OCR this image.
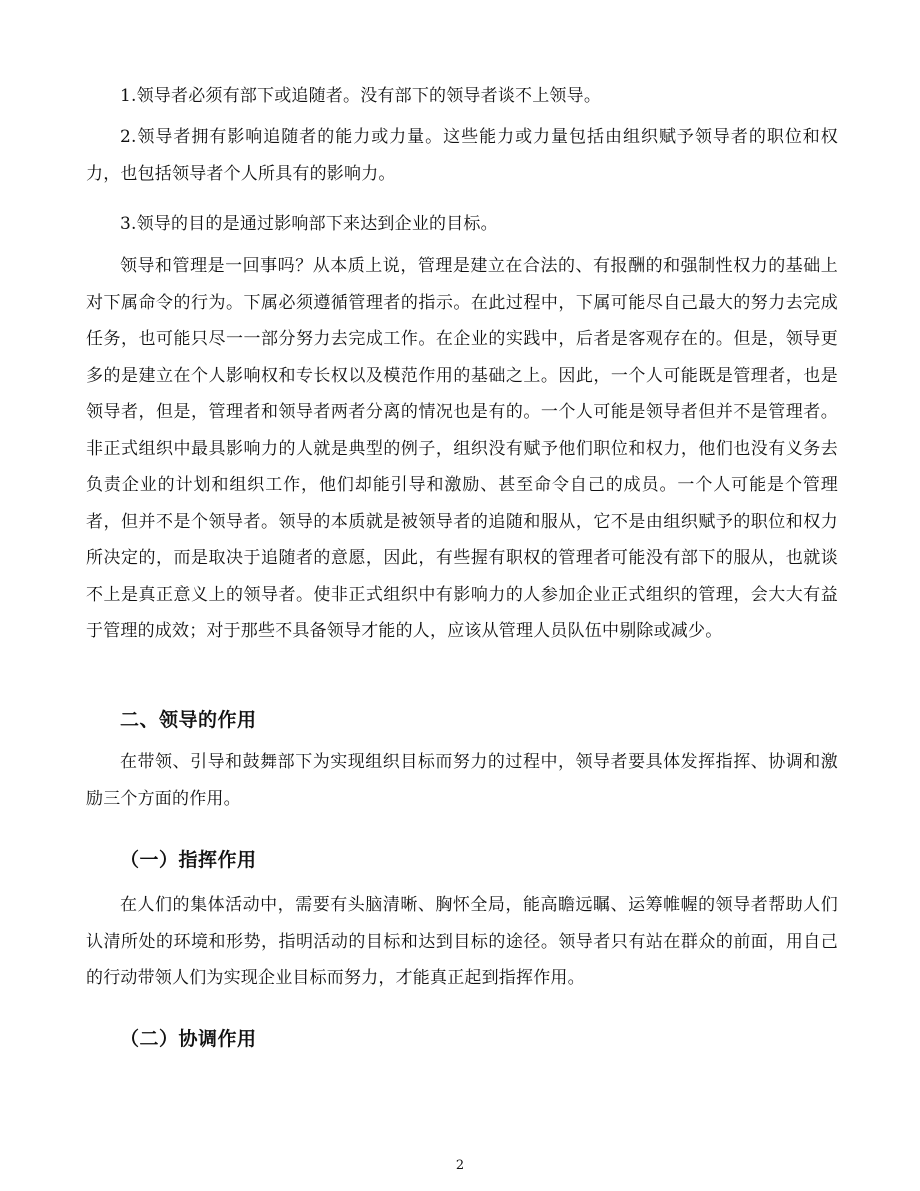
1.领导者必须有部下或追随者。没有部下的领导者谈不上领导。

2.领导者拥有影响追随者的能力或力量。这些能力或力量包括由组织赋予领导者的职位和权力，也包括领导者个人所具有的影响力。

3.领导的目的是通过影响部下来达到企业的目标。

领导和管理是一回事吗？从本质上说，管理是建立在合法的、有报酬的和强制性权力的基础上对下属命令的行为。下属必须遵循管理者的指示。在此过程中，下属可能尽自己最大的努力去完成任务，也可能只尽一一部分努力去完成工作。在企业的实践中，后者是客观存在的。但是，领导更多的是建立在个人影响权和专长权以及模范作用的基础之上。因此，一个人可能既是管理者，也是领导者，但是，管理者和领导者两者分离的情况也是有的。一个人可能是领导者但并不是管理者。非正式组织中最具影响力的人就是典型的例子，组织没有赋予他们职位和权力，他们也没有义务去负责企业的计划和组织工作，他们却能引导和激励、甚至命令自己的成员。一个人可能是个管理者，但并不是个领导者。领导的本质就是被领导者的追随和服从，它不是由组织赋予的职位和权力所决定的，而是取决于追随者的意愿，因此，有些握有职权的管理者可能没有部下的服从，也就谈不上是真正意义上的领导者。使非正式组织中有影响力的人参加企业正式组织的管理，会大大有益于管理的成效；对于那些不具备领导才能的人，应该从管理人员队伍中剔除或减少。

二、领导的作用

在带领、引导和鼓舞部下为实现组织目标而努力的过程中，领导者要具体发挥指挥、协调和激励三个方面的作用。

（一）指挥作用

在人们的集体活动中，需要有头脑清晰、胸怀全局，能高瞻远瞩、运筹帷幄的领导者帮助人们认清所处的环境和形势，指明活动的目标和达到目标的途径。领导者只有站在群众的前面，用自己的行动带领人们为实现企业目标而努力，才能真正起到指挥作用。

（二）协调作用
2
